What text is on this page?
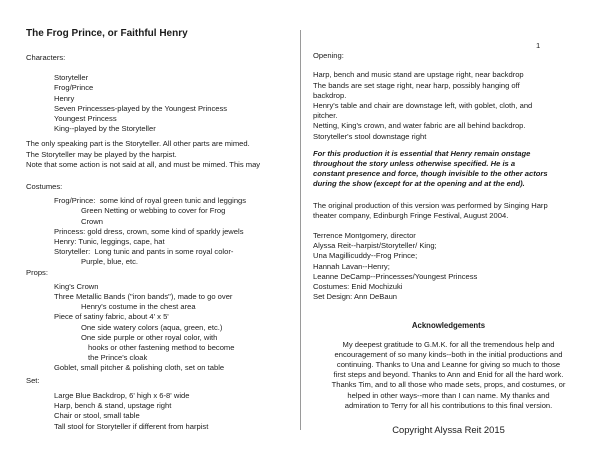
The Frog Prince, or Faithful Henry
Characters:
Storyteller
Frog/Prince
Henry
Seven Princesses-played by the Youngest Princess
Youngest Princess
King--played by the Storyteller
The only speaking part is the Storyteller. All other parts are mimed.
The Storyteller may be played by the harpist.
Note that some action is not said at all, and must be mimed. This may
Costumes:
Frog/Prince:  some kind of royal green tunic and leggings
Green Netting or webbing to cover for Frog
Crown
Princess: gold dress, crown, some kind of sparkly jewels
Henry: Tunic, leggings, cape, hat
Storyteller:  Long tunic and pants in some royal color-
Purple, blue, etc.
Props:
King's Crown
Three Metallic Bands ("iron bands"), made to go over
Henry's costume in the chest area
Piece of satiny fabric, about 4' x 5'
One side watery colors (aqua, green, etc.)
One side purple or other royal color, with
hooks or other fastening method to become
the Prince's cloak
Goblet, small pitcher & polishing cloth, set on table
Set:
Large Blue Backdrop, 6' high x 6-8' wide
Harp, bench & stand, upstage right
Chair or stool, small table
Tall stool for Storyteller if different from harpist
1
Opening:
Harp, bench and music stand are upstage right, near backdrop
The bands are set stage right, near harp, possibly hanging off
backdrop.
Henry's table and chair are downstage left, with goblet, cloth, and
pitcher.
Netting, King's crown, and water fabric are all behind backdrop.
Storyteller's stool downstage right
For this production it is essential that Henry remain onstage
throughout the story unless otherwise specified. He is a
constant presence and force, though invisible to the other actors
during the show (except for at the opening and at the end).
The original production of this version was performed by Singing Harp
theater company, Edinburgh Fringe Festival, August 2004.
Terrence Montgomery, director
Alyssa Reit--harpist/Storyteller/ King;
Una Magillicuddy--Frog Prince;
Hannah Lavan--Henry;
Leanne DeCamp--Princesses/Youngest Princess
Costumes: Enid Mochizuki
Set Design: Ann DeBaun
Acknowledgements
My deepest gratitude to G.M.K. for all the tremendous help and
encouragement of so many kinds--both in the initial productions and
continuing. Thanks to Una and Leanne for giving so much to those
first steps and beyond. Thanks to Ann and Enid for all the hard work.
Thanks Tim, and to all those who made sets, props, and costumes, or
helped in other ways--more than I can name. My thanks and
admiration to Terry for all his contributions to this final version.
Copyright Alyssa Reit 2015
